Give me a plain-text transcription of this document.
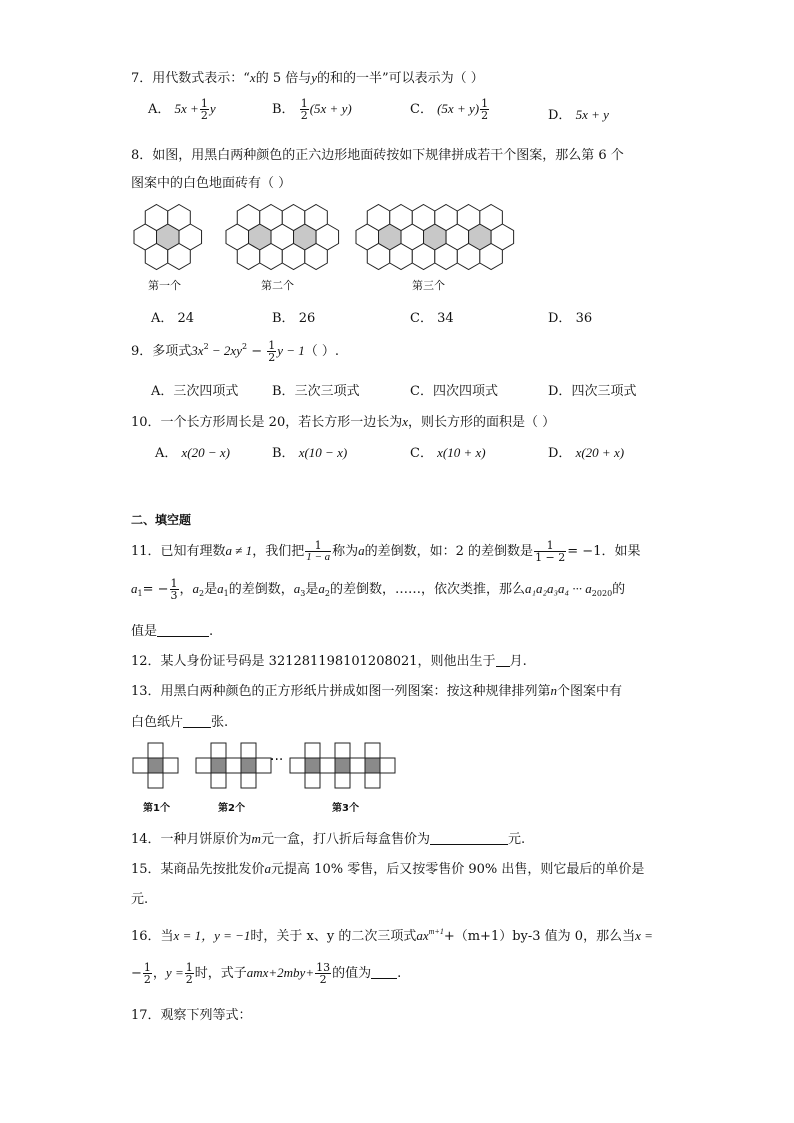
7．用代数式表示：“x的 5 倍与y的和的一半”可以表示为（ ）
A． $5x + \frac{1}{2}$ y	B． $\frac{1}{2} (5x + y)$	C． $(5x + y) \frac{1}{2}$	D． 5x + y
8．如图，用黑白两种颜色的正六边形地面砖按如下规律拼成若干个图案，那么第 6 个
图案中的白色地面砖有（ ）
第一个	第二个	第三个
A． 24	B． 26	C． 34	D． 36
9．多项式$3x^2 - 2xy^2 - \frac{1}{2}$ y − 1（ ）.
A．三次四项式	B．三次三项式	C．四次四项式	D．四次三项式
10．一个长方形周长是 20，若长方形一边长为x，则长方形的面积是（ ）
A． x(20 − x)	B． x(10 − x)	C． x(10 + x)	D． x(20 + x)
二、填空题
11．已知有理数a ≠ 1，我们把 $\frac{1}{1 - a}$ 称为a的差倒数，如：2 的差倒数是 $\frac{1}{1 - 2} = -1$．如果
$a_1= - \frac{1}{3}$ ，$a_2$是$a_1$的差倒数，$a_3$是$a_2$的差倒数，……，依次类推，那么a₁a₂a₃a₄ ··· $a_{2020}$的
值是	.
12．某人身份证号码是 321281198101208021，则他出生于 月.
13．用黑白两种颜色的正方形纸片拼成如图一列图案：按这种规律排列第n个图案中有
白色纸片 张.
···
第1个	第2个	第3个
14．一种月饼原价为m元一盒，打八折后每盒售价为	元.
15．某商品先按批发价a元提高 10% 零售，后又按零售价 90% 出售，则它最后的单价是
元.
16．当x = 1，y = −1时，关于 x、y 的二次三项式$ax^{m+1}+(m+1)by-3$ 值为 0，那么当x =
− $\frac{1}{2}$ ，$y = \frac{1}{2}$ 时，式子$amx+2mby+ \frac{13}{2}$ 的值为 .
17．观察下列等式：
